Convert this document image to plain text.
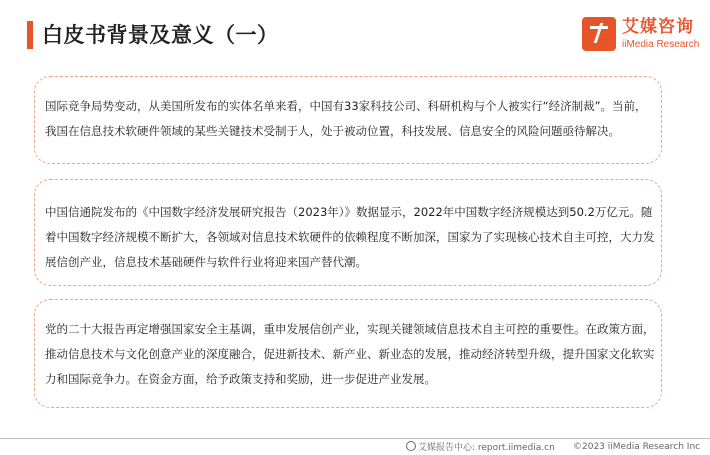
白皮书背景及意义（一）	艾媒咨询
iiMedia Research

国际竞争局势变动，从美国所发布的实体名单来看，中国有33家科技公司、科研机构与个人被实行“经济制裁”。当前，我国在信息技术软硬件领域的某些关键技术受制于人，处于被动位置，科技发展、信息安全的风险问题亟待解决。

中国信通院发布的《中国数字经济发展研究报告（2023年）》数据显示，2022年中国数字经济规模达到50.2万亿元。随着中国数字经济规模不断扩大，各领域对信息技术软硬件的依赖程度不断加深，国家为了实现核心技术自主可控，大力发展信创产业，信息技术基础硬件与软件行业将迎来国产替代潮。

党的二十大报告再定增强国家安全主基调，重申发展信创产业，实现关键领域信息技术自主可控的重要性。在政策方面，推动信息技术与文化创意产业的深度融合，促进新技术、新产业、新业态的发展，推动经济转型升级，提升国家文化软实力和国际竞争力。在资金方面，给予政策支持和奖励，进一步促进产业发展。

艾媒报告中心: report.iimedia.cn ©2023 iiMedia Research Inc
